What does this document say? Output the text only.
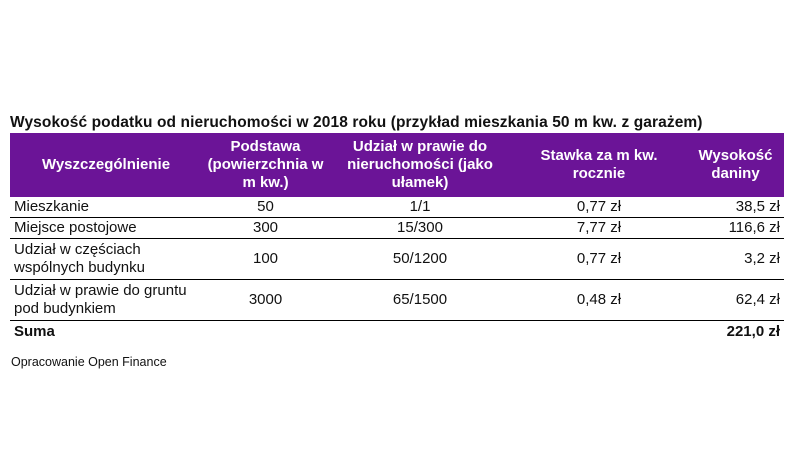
Wysokość podatku od nieruchomości w 2018 roku (przykład mieszkania 50 m kw. z garażem)
Wyszczególnienie	Podstawa (powierzchnia w m kw.)	Udział w prawie do nieruchomości (jako ułamek)	Stawka za m kw. rocznie	Wysokość daniny
Mieszkanie	50	1/1	0,77 zł	38,5 zł
Miejsce postojowe	300	15/300	7,77 zł	116,6 zł
Udział w częściach wspólnych budynku	100	50/1200	0,77 zł	3,2 zł
Udział w prawie do gruntu pod budynkiem	3000	65/1500	0,48 zł	62,4 zł
Suma				221,0 zł
Opracowanie Open Finance
